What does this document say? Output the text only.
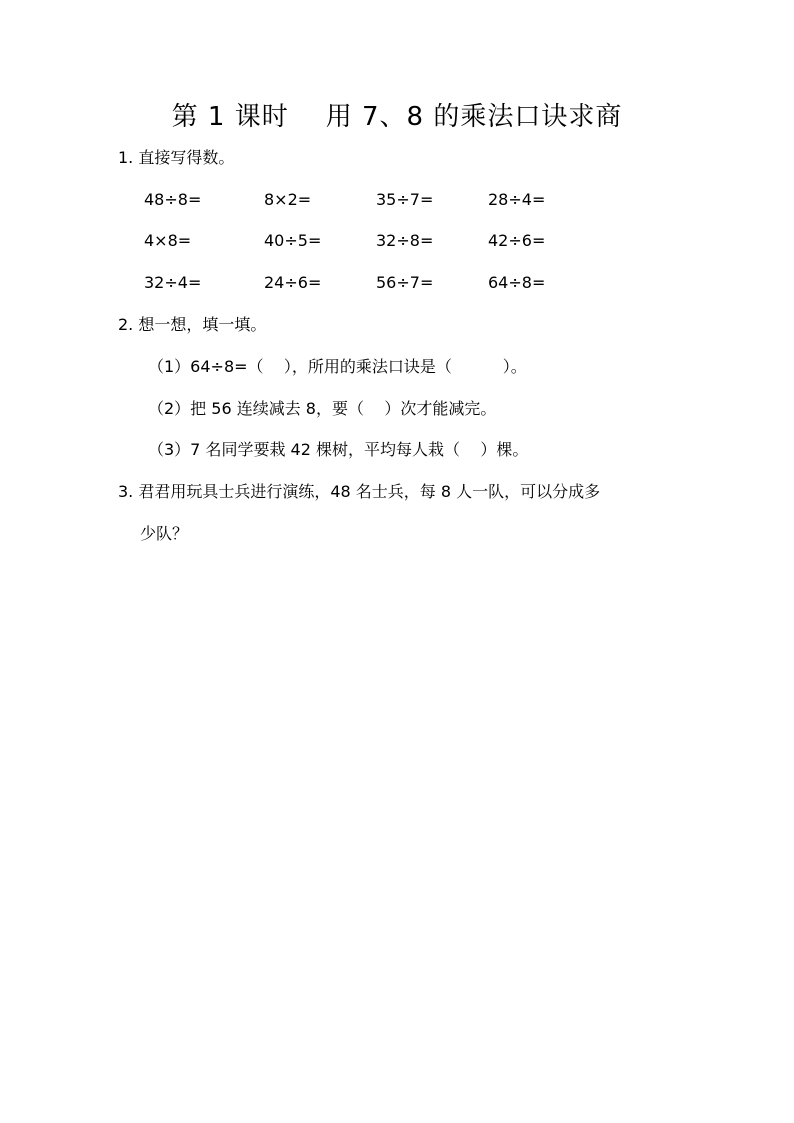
第 1 课时    用 7、8 的乘法口诀求商
1. 直接写得数。
48÷8=	8×2=	35÷7=	28÷4=
4×8=	40÷5=	32÷8=	42÷6=
32÷4=	24÷6=	56÷7=	64÷8=
2. 想一想，填一填。
（1）64÷8=（    ），所用的乘法口诀是（          ）。
（2）把 56 连续减去 8，要（    ）次才能减完。
（3）7 名同学要栽 42 棵树，平均每人栽（    ）棵。
3. 君君用玩具士兵进行演练，48 名士兵，每 8 人一队，可以分成多
少队？
